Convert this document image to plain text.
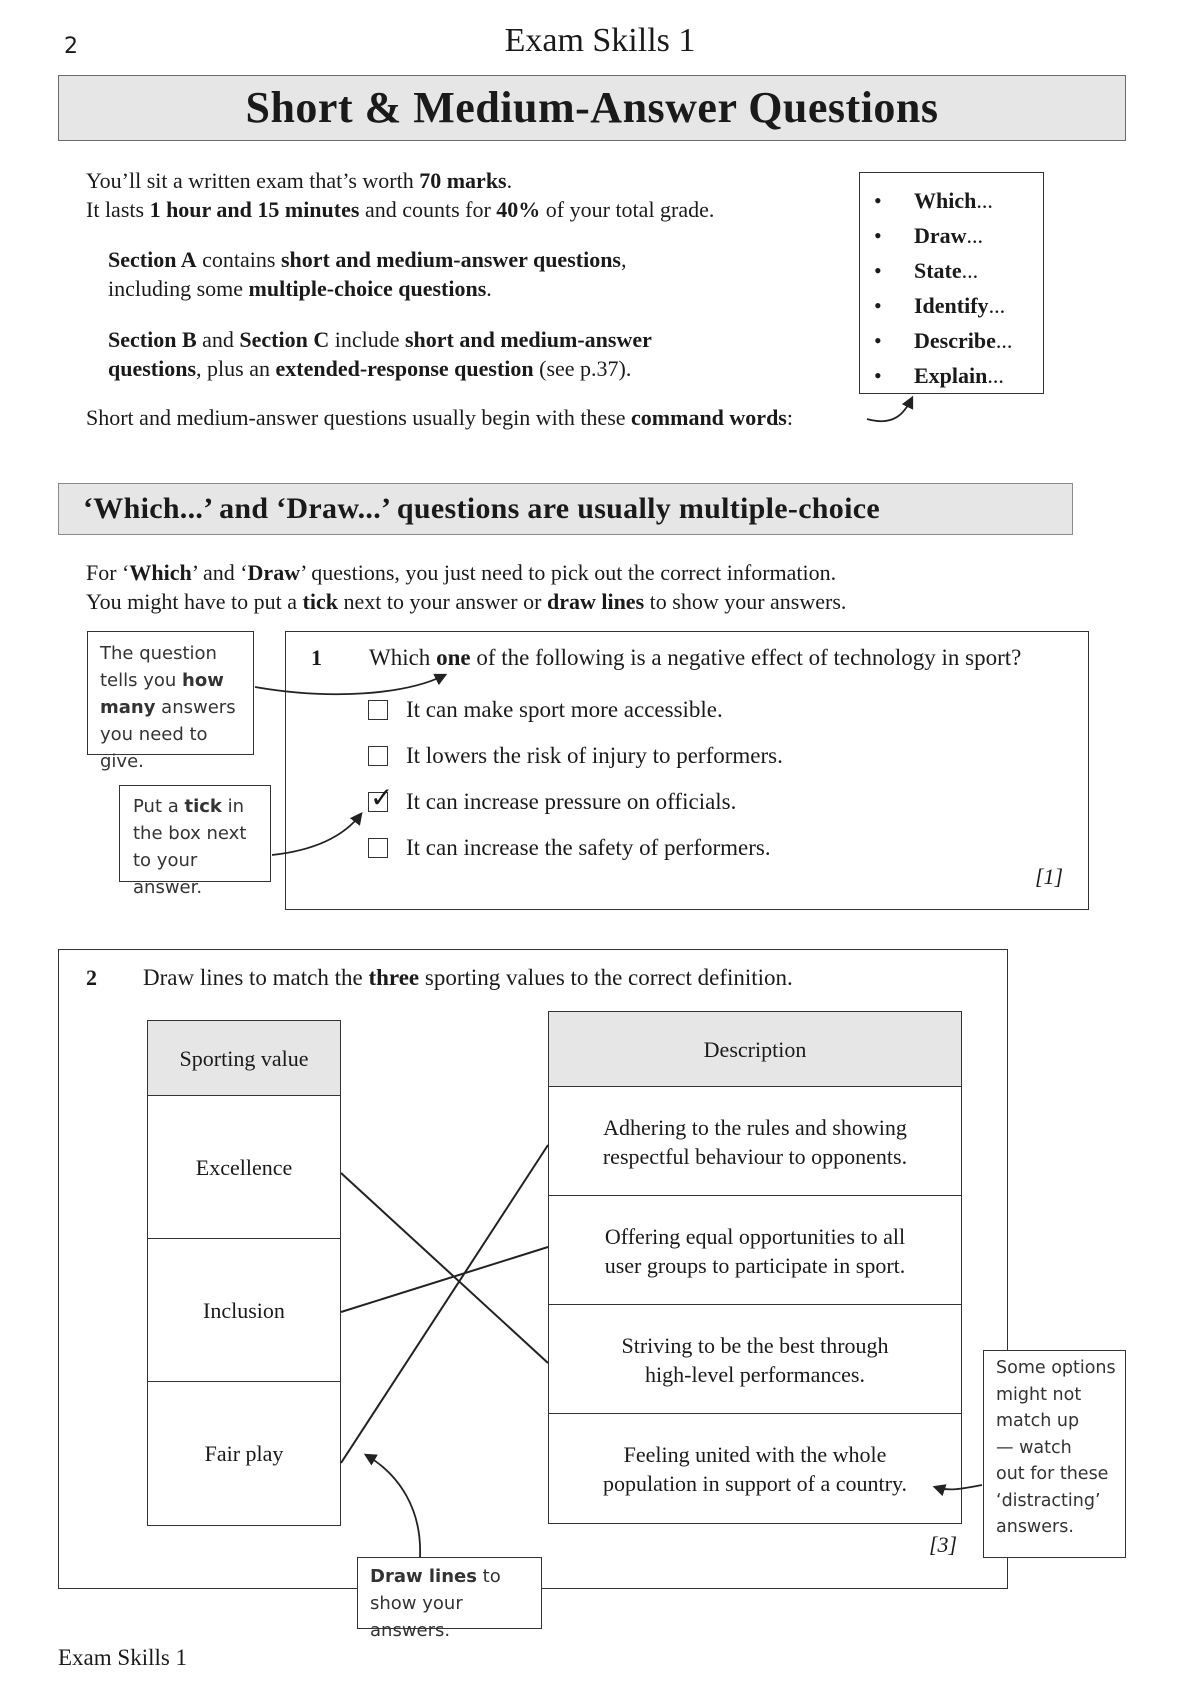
2	Exam Skills 1
Short & Medium-Answer Questions
You’ll sit a written exam that’s worth 70 marks.
It lasts 1 hour and 15 minutes and counts for 40% of your total grade.
Section A contains short and medium-answer questions,
including some multiple-choice questions.
Section B and Section C include short and medium-answer
questions, plus an extended-response question (see p.37).
Short and medium-answer questions usually begin with these command words:
• Which...
• Draw...
• State...
• Identify...
• Describe...
• Explain...
‘Which...’ and ‘Draw...’ questions are usually multiple-choice
For ‘Which’ and ‘Draw’ questions, you just need to pick out the correct information.
You might have to put a tick next to your answer or draw lines to show your answers.
The question
tells you how
many answers
you need to give.
Put a tick in
the box next
to your answer.
1 Which one of the following is a negative effect of technology in sport?
It can make sport more accessible.
It lowers the risk of injury to performers.
✓ It can increase pressure on officials.
It can increase the safety of performers.
[1]
2 Draw lines to match the three sporting values to the correct definition.
Sporting value
Excellence
Inclusion
Fair play
Description
Adhering to the rules and showing
respectful behaviour to opponents.
Offering equal opportunities to all
user groups to participate in sport.
Striving to be the best through
high-level performances.
Feeling united with the whole
population in support of a country.
[3]
Draw lines to
show your answers.
Some options
might not
match up
— watch
out for these
‘distracting’
answers.
Exam Skills 1
